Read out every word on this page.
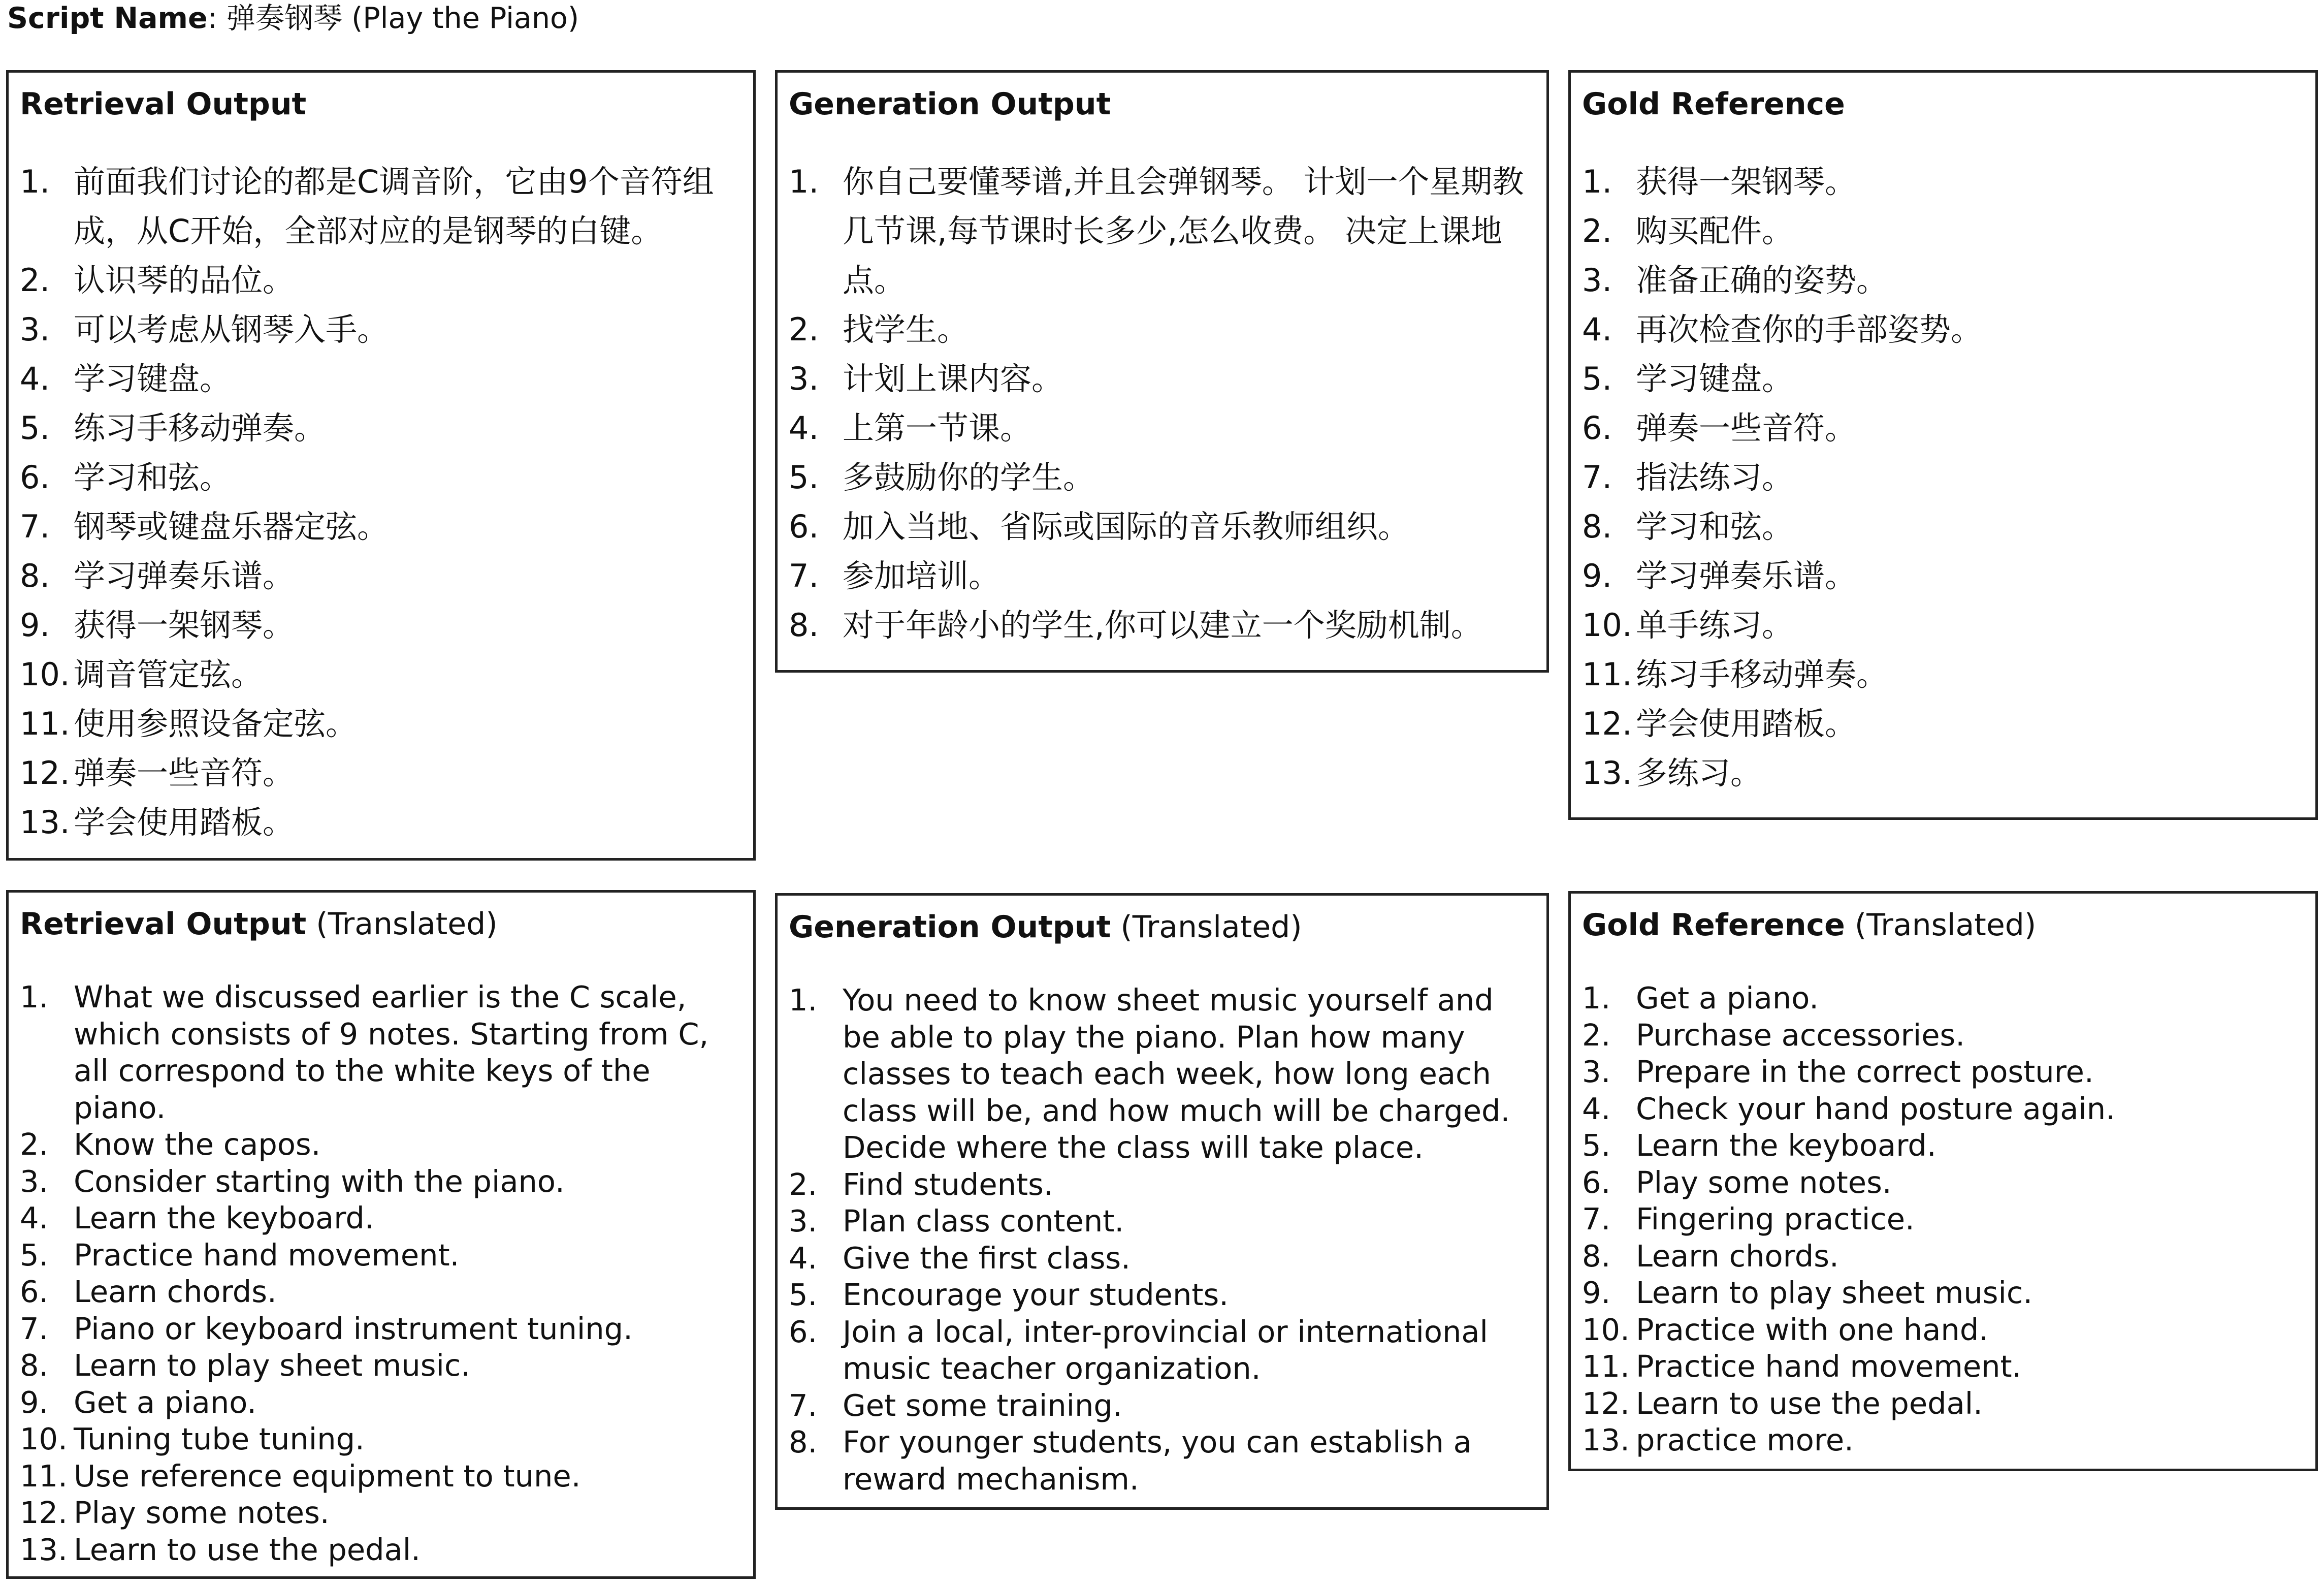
Script Name: 弹奏钢琴 (Play the Piano)
Retrieval Output
1. 前面我们讨论的都是C调音阶，它由9个音符组成，从C开始，全部对应的是钢琴的白键。
2. 认识琴的品位。
3. 可以考虑从钢琴入手。
4. 学习键盘。
5. 练习手移动弹奏。
6. 学习和弦。
7. 钢琴或键盘乐器定弦。
8. 学习弹奏乐谱。
9. 获得一架钢琴。
10. 调音管定弦。
11. 使用参照设备定弦。
12. 弹奏一些音符。
13. 学会使用踏板。
Generation Output
1. 你自己要懂琴谱,并且会弹钢琴。 计划一个星期教几节课,每节课时长多少,怎么收费。 决定上课地点。
2. 找学生。
3. 计划上课内容。
4. 上第一节课。
5. 多鼓励你的学生。
6. 加入当地、省际或国际的音乐教师组织。
7. 参加培训。
8. 对于年龄小的学生,你可以建立一个奖励机制。
Gold Reference
1. 获得一架钢琴。
2. 购买配件。
3. 准备正确的姿势。
4. 再次检查你的手部姿势。
5. 学习键盘。
6. 弹奏一些音符。
7. 指法练习。
8. 学习和弦。
9. 学习弹奏乐谱。
10. 单手练习。
11. 练习手移动弹奏。
12. 学会使用踏板。
13. 多练习。
Retrieval Output (Translated)
1. What we discussed earlier is the C scale, which consists of 9 notes. Starting from C, all correspond to the white keys of the piano.
2. Know the capos.
3. Consider starting with the piano.
4. Learn the keyboard.
5. Practice hand movement.
6. Learn chords.
7. Piano or keyboard instrument tuning.
8. Learn to play sheet music.
9. Get a piano.
10. Tuning tube tuning.
11. Use reference equipment to tune.
12. Play some notes.
13. Learn to use the pedal.
Generation Output (Translated)
1. You need to know sheet music yourself and be able to play the piano. Plan how many classes to teach each week, how long each class will be, and how much will be charged. Decide where the class will take place.
2. Find students.
3. Plan class content.
4. Give the first class.
5. Encourage your students.
6. Join a local, inter-provincial or international music teacher organization.
7. Get some training.
8. For younger students, you can establish a reward mechanism.
Gold Reference (Translated)
1. Get a piano.
2. Purchase accessories.
3. Prepare in the correct posture.
4. Check your hand posture again.
5. Learn the keyboard.
6. Play some notes.
7. Fingering practice.
8. Learn chords.
9. Learn to play sheet music.
10. Practice with one hand.
11. Practice hand movement.
12. Learn to use the pedal.
13. practice more.
